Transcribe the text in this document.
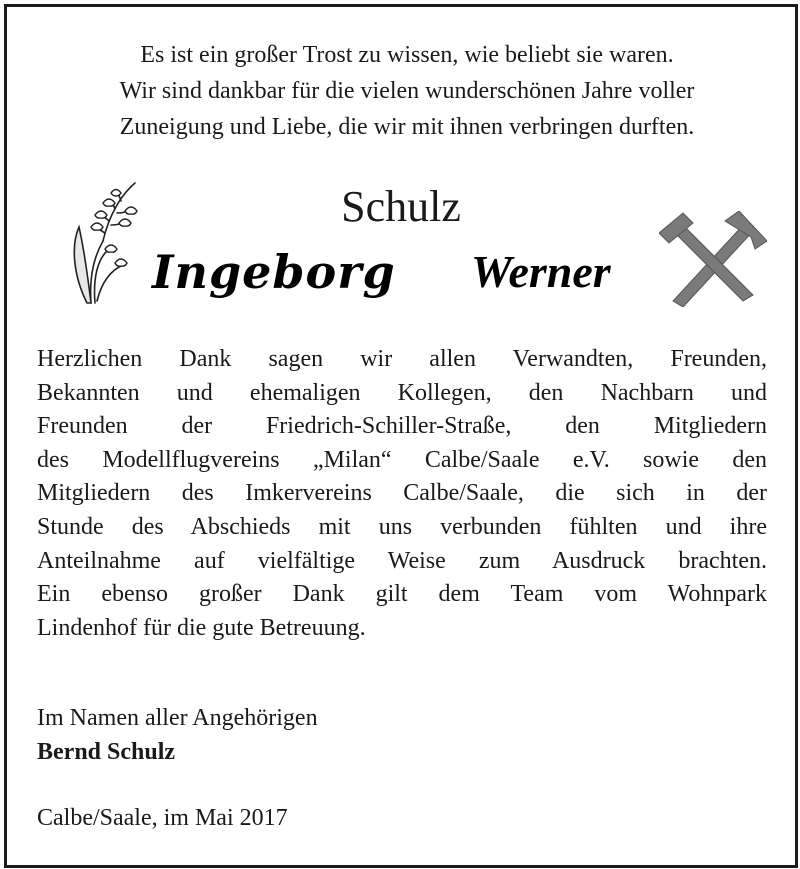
Es ist ein großer Trost zu wissen, wie beliebt sie waren.
Wir sind dankbar für die vielen wunderschönen Jahre voller
Zuneigung und Liebe, die wir mit ihnen verbringen durften.
Schulz
Ingeborg Werner
Herzlichen Dank sagen wir allen Verwandten, Freunden,
Bekannten und ehemaligen Kollegen, den Nachbarn und
Freunden der Friedrich-Schiller-Straße, den Mitgliedern
des Modellflugvereins „Milan“ Calbe/Saale e.V. sowie den
Mitgliedern des Imkervereins Calbe/Saale, die sich in der
Stunde des Abschieds mit uns verbunden fühlten und ihre
Anteilnahme auf vielfältige Weise zum Ausdruck brachten.
Ein ebenso großer Dank gilt dem Team vom Wohnpark
Lindenhof für die gute Betreuung.
Im Namen aller Angehörigen
Bernd Schulz
Calbe/Saale, im Mai 2017
